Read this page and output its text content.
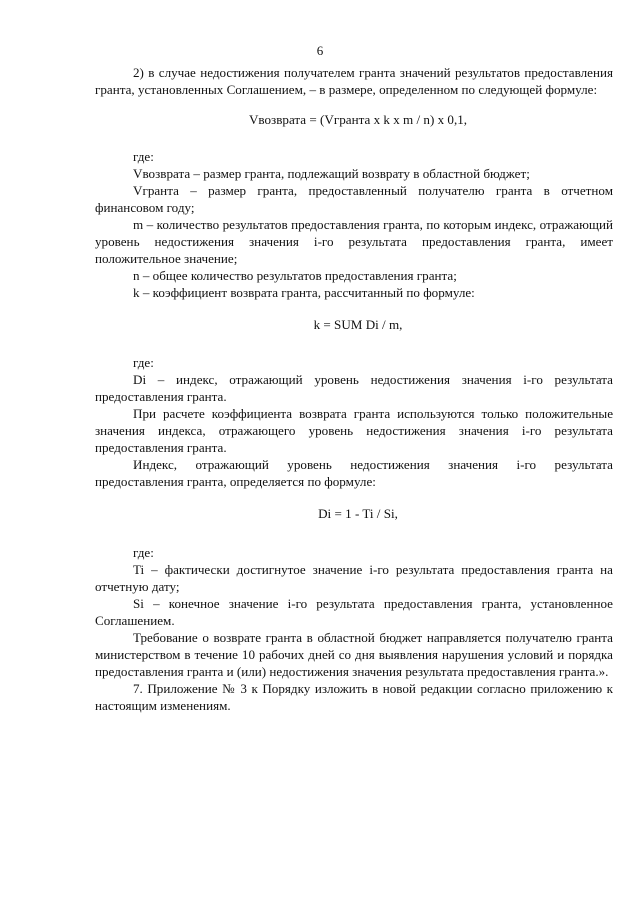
6

2) в случае недостижения получателем гранта значений результатов предоставления гранта, установленных Соглашением, – в размере, определенном по следующей формуле:

Vвозврата = (Vгранта x k x m / n) x 0,1,

где:

Vвозврата – размер гранта, подлежащий возврату в областной бюджет;

Vгранта – размер гранта, предоставленный получателю гранта в отчетном финансовом году;

m – количество результатов предоставления гранта, по которым индекс, отражающий уровень недостижения значения i-го результата предоставления гранта, имеет положительное значение;

n – общее количество результатов предоставления гранта;

k – коэффициент возврата гранта, рассчитанный по формуле:

k = SUM Di / m,

где:

Di – индекс, отражающий уровень недостижения значения i-го результата предоставления гранта.

При расчете коэффициента возврата гранта используются только положительные значения индекса, отражающего уровень недостижения значения i-го результата предоставления гранта.

Индекс, отражающий уровень недостижения значения i-го результата предоставления гранта, определяется по формуле:

Di = 1 - Ti / Si,

где:

Ti – фактически достигнутое значение i-го результата предоставления гранта на отчетную дату;

Si – конечное значение i-го результата предоставления гранта, установленное Соглашением.

Требование о возврате гранта в областной бюджет направляется получателю гранта министерством в течение 10 рабочих дней со дня выявления нарушения условий и порядка предоставления гранта и (или) недостижения значения результата предоставления гранта.».

7. Приложение № 3 к Порядку изложить в новой редакции согласно приложению к настоящим изменениям.
